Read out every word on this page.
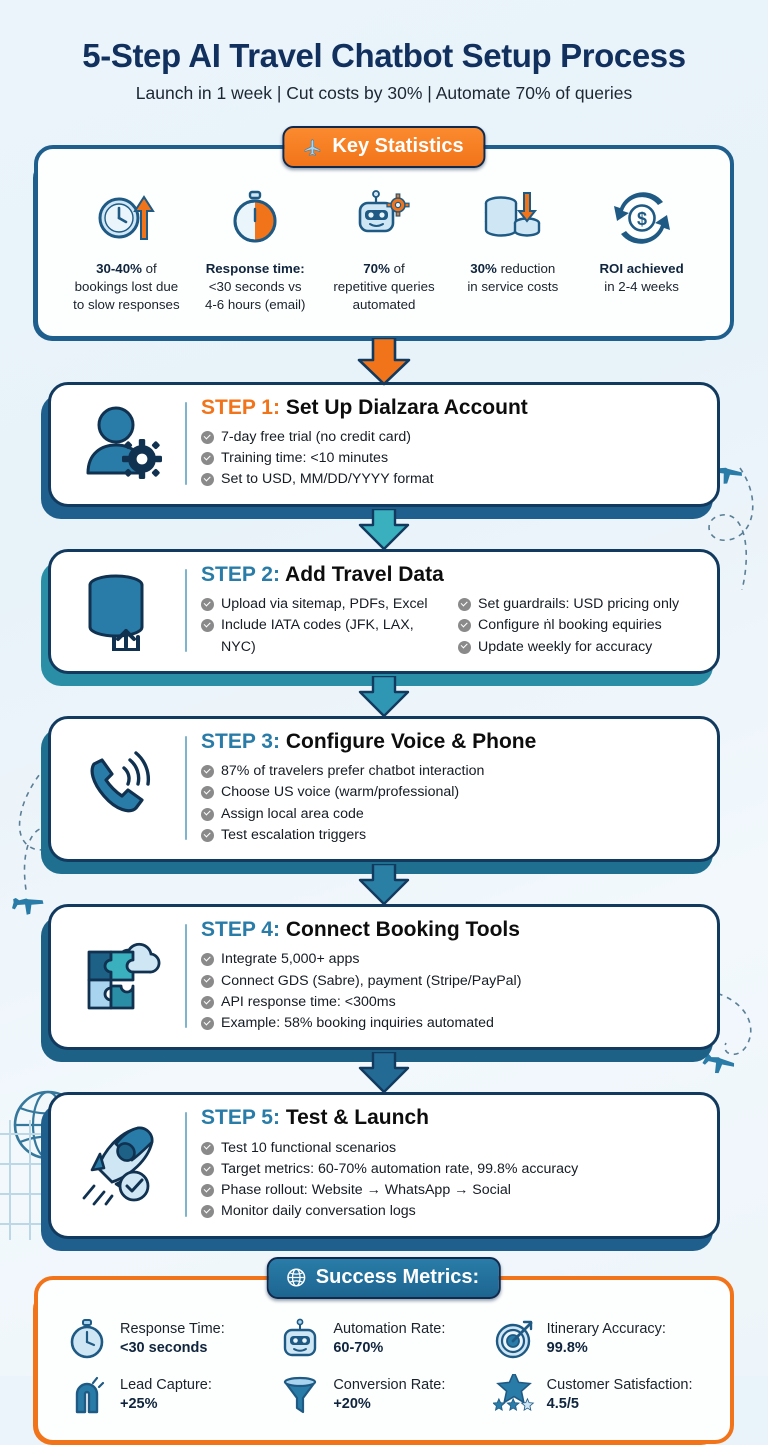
5-Step AI Travel Chatbot Setup Process
Launch in 1 week | Cut costs by 30% | Automate 70% of queries
Key Statistics
30-40% of
bookings lost due
to slow responses
Response time:
<30 seconds vs
4-6 hours (email)
70% of
repetitive queries
automated
30% reduction
in service costs
$
ROI achieved
in 2-4 weeks
STEP 1: Set Up Dialzara Account
7-day free trial (no credit card)
Training time: <10 minutes
Set to USD, MM/DD/YYYY format
STEP 2: Add Travel Data
Upload via sitemap, PDFs, Excel
Include IATA codes (JFK, LAX, NYC)
Set guardrails: USD pricing only
Configure ṅl booking equiries
Update weekly for accuracy
STEP 3: Configure Voice & Phone
87% of travelers prefer chatbot interaction
Choose US voice (warm/professional)
Assign local area code
Test escalation triggers
STEP 4: Connect Booking Tools
Integrate 5,000+ apps
Connect GDS (Sabre), payment (Stripe/PayPal)
API response time: <300ms
Example: 58% booking inquiries automated
STEP 5: Test & Launch
Test 10 functional scenarios
Target metrics: 60-70% automation rate, 99.8% accuracy
Phase rollout: Website → WhatsApp → Social
Monitor daily conversation logs
Success Metrics:
Response Time:
<30 seconds
Automation Rate:
60-70%
Itinerary Accuracy:
99.8%
Lead Capture:
+25%
Conversion Rate:
+20%
Customer Satisfaction:
4.5/5
